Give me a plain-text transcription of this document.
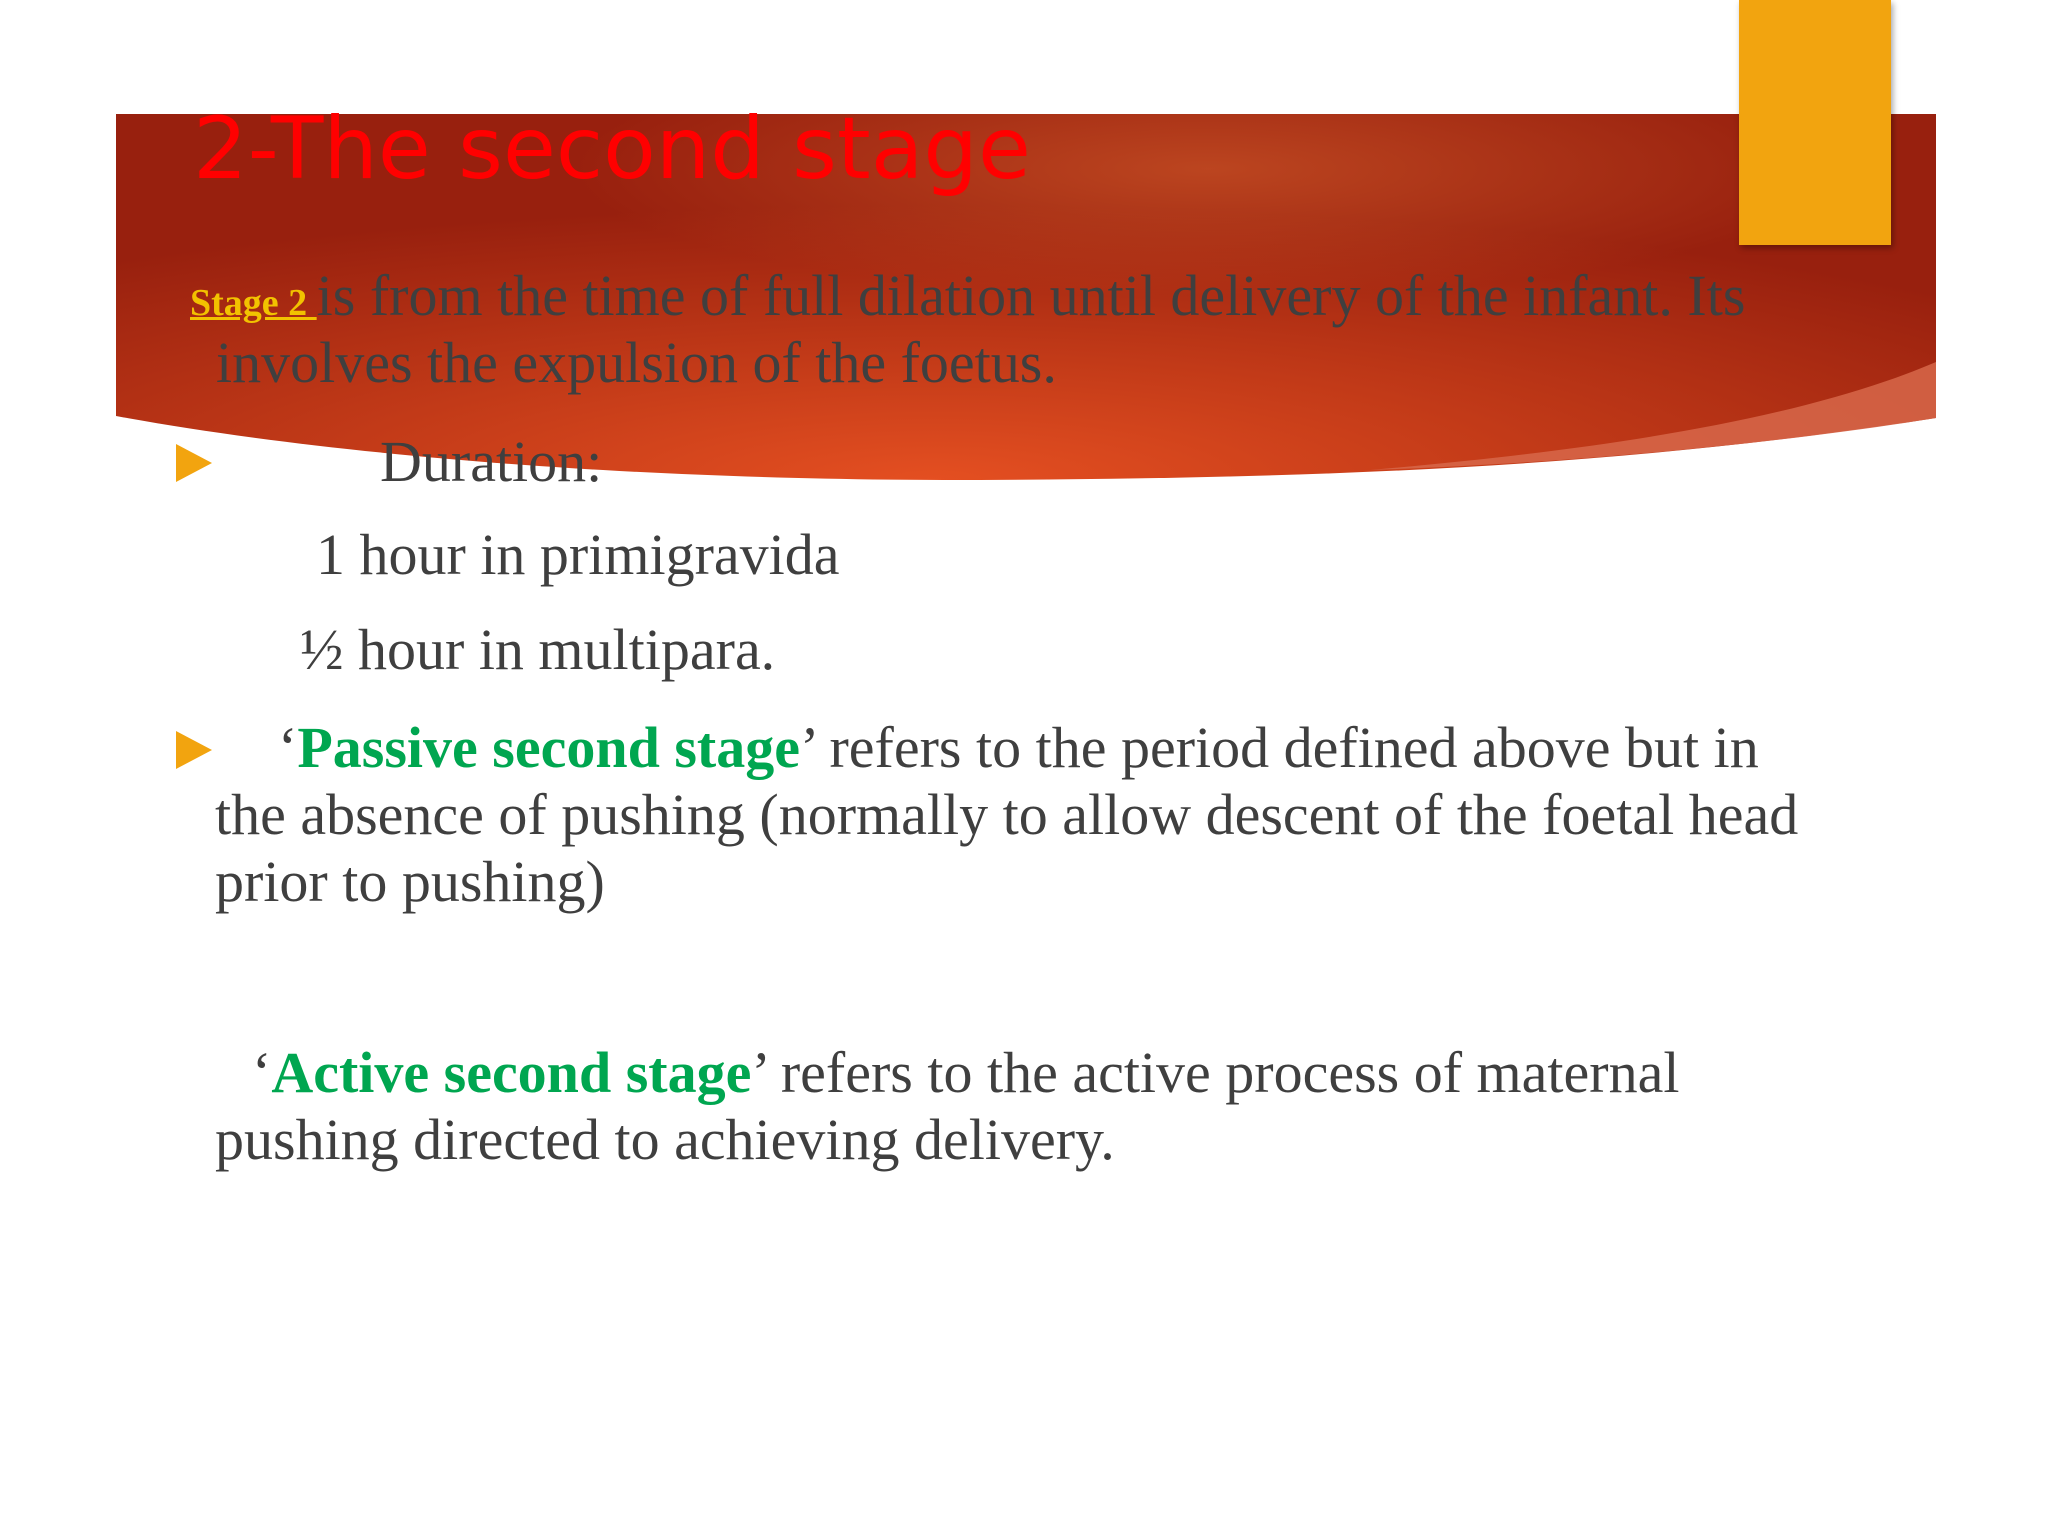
2-The second stage

Stage 2 is from the time of full dilation until delivery of the infant. Its

involves the expulsion of the foetus.

Duration:

1 hour in primigravida

½ hour in multipara.

‘Passive second stage’ refers to the period defined above but in

the absence of pushing (normally to allow descent of the foetal head

prior to pushing)

‘Active second stage’ refers to the active process of maternal

pushing directed to achieving delivery.
